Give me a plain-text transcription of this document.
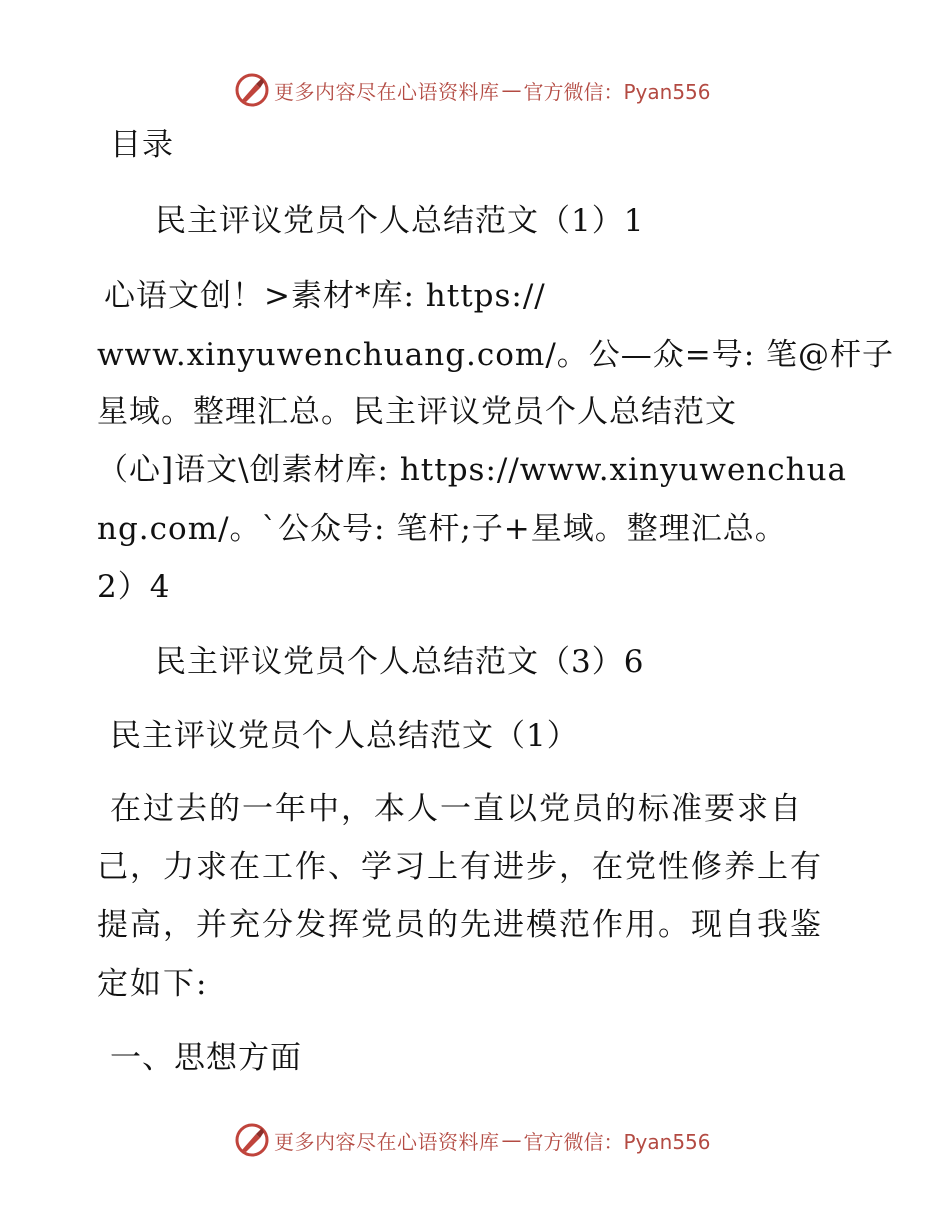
更多内容尽在心语资料库 — 官方微信：Pyan556
目录
民主评议党员个人总结范文（1）1
心语文创！>素材*库: https://
www.xinyuwenchuang.com/。公—众=号: 笔@杆子
星域。整理汇总。民主评议党员个人总结范文
（心]语文\创素材库: https://www.xinyuwenchua
ng.com/。`公众号: 笔杆;子+星域。整理汇总。
2）4
民主评议党员个人总结范文（3）6
民主评议党员个人总结范文（1）
在过去的一年中，本人一直以党员的标准要求自
己，力求在工作、学习上有进步，在党性修养上有
提高，并充分发挥党员的先进模范作用。现自我鉴
定如下:
一、思想方面
更多内容尽在心语资料库 — 官方微信：Pyan556
